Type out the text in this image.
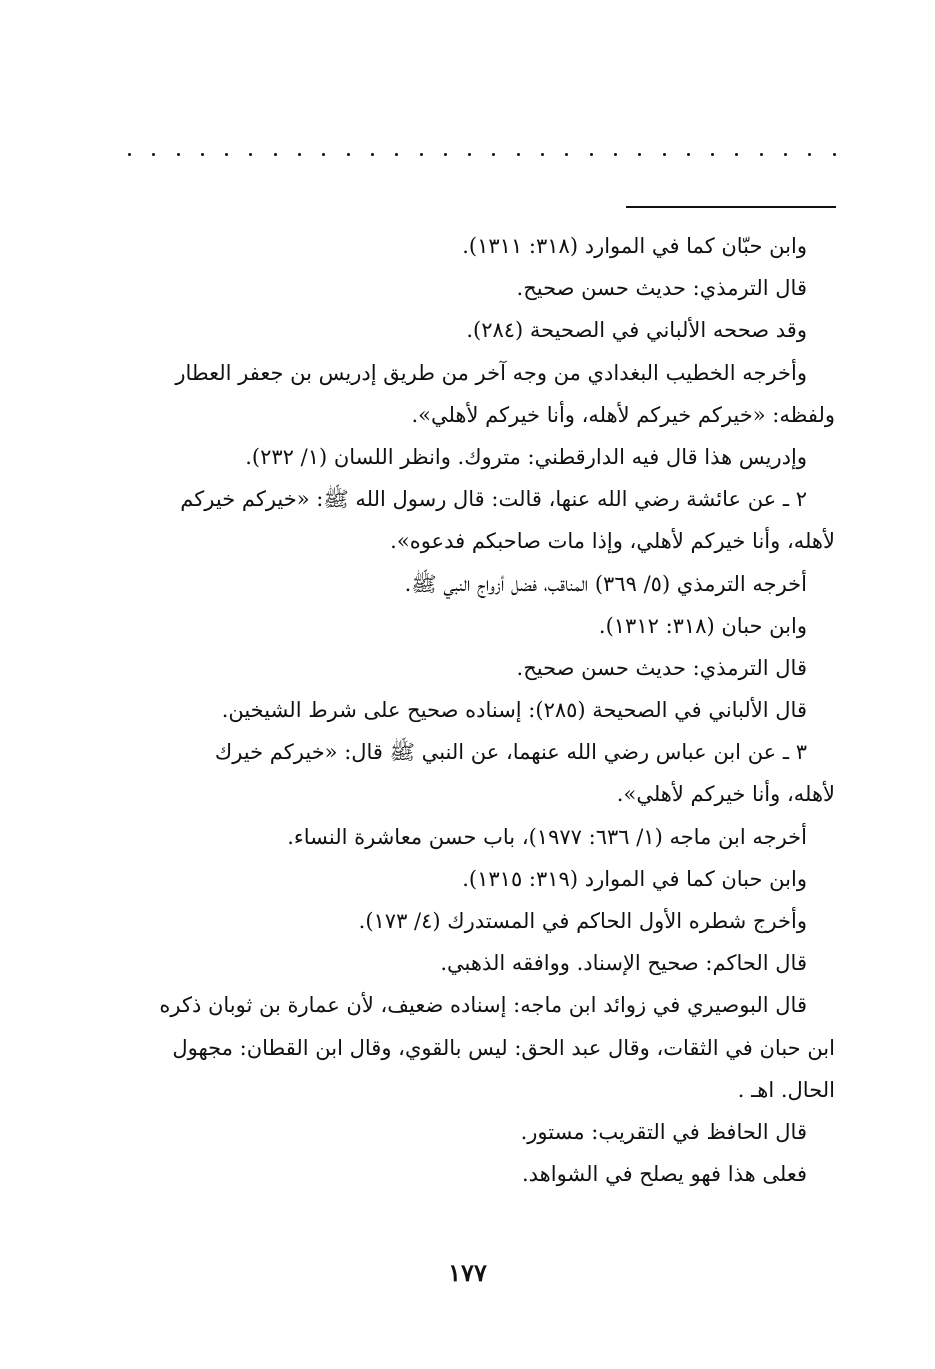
وابن حبّان كما في الموارد (٣١٨: ١٣١١).
قال الترمذي: حديث حسن صحيح.
وقد صححه الألباني في الصحيحة (٢٨٤).
وأخرجه الخطيب البغدادي من وجه آخر من طريق إدريس بن جعفر العطار
ولفظه: «خيركم خيركم لأهله، وأنا خيركم لأهلي».
وإدريس هذا قال فيه الدارقطني: متروك. وانظر اللسان (١/ ٢٣٢).
٢ ـ عن عائشة رضي الله عنها، قالت: قال رسول الله ﷺ: «خيركم خيركم
لأهله، وأنا خيركم لأهلي، وإذا مات صاحبكم فدعوه».
أخرجه الترمذي (٥/ ٣٦٩) المناقب، فضل أزواج النبي ﷺ.
وابن حبان (٣١٨: ١٣١٢).
قال الترمذي: حديث حسن صحيح.
قال الألباني في الصحيحة (٢٨٥): إسناده صحيح على شرط الشيخين.
٣ ـ عن ابن عباس رضي الله عنهما، عن النبي ﷺ قال: «خيركم خيرك
لأهله، وأنا خيركم لأهلي».
أخرجه ابن ماجه (١/ ٦٣٦: ١٩٧٧)، باب حسن معاشرة النساء.
وابن حبان كما في الموارد (٣١٩: ١٣١٥).
وأخرج شطره الأول الحاكم في المستدرك (٤/ ١٧٣).
قال الحاكم: صحيح الإسناد. ووافقه الذهبي.
قال البوصيري في زوائد ابن ماجه: إسناده ضعيف، لأن عمارة بن ثوبان ذكره
ابن حبان في الثقات، وقال عبد الحق: ليس بالقوي، وقال ابن القطان: مجهول
الحال. اهـ .
قال الحافظ في التقريب: مستور.
فعلى هذا فهو يصلح في الشواهد.
١٧٧
